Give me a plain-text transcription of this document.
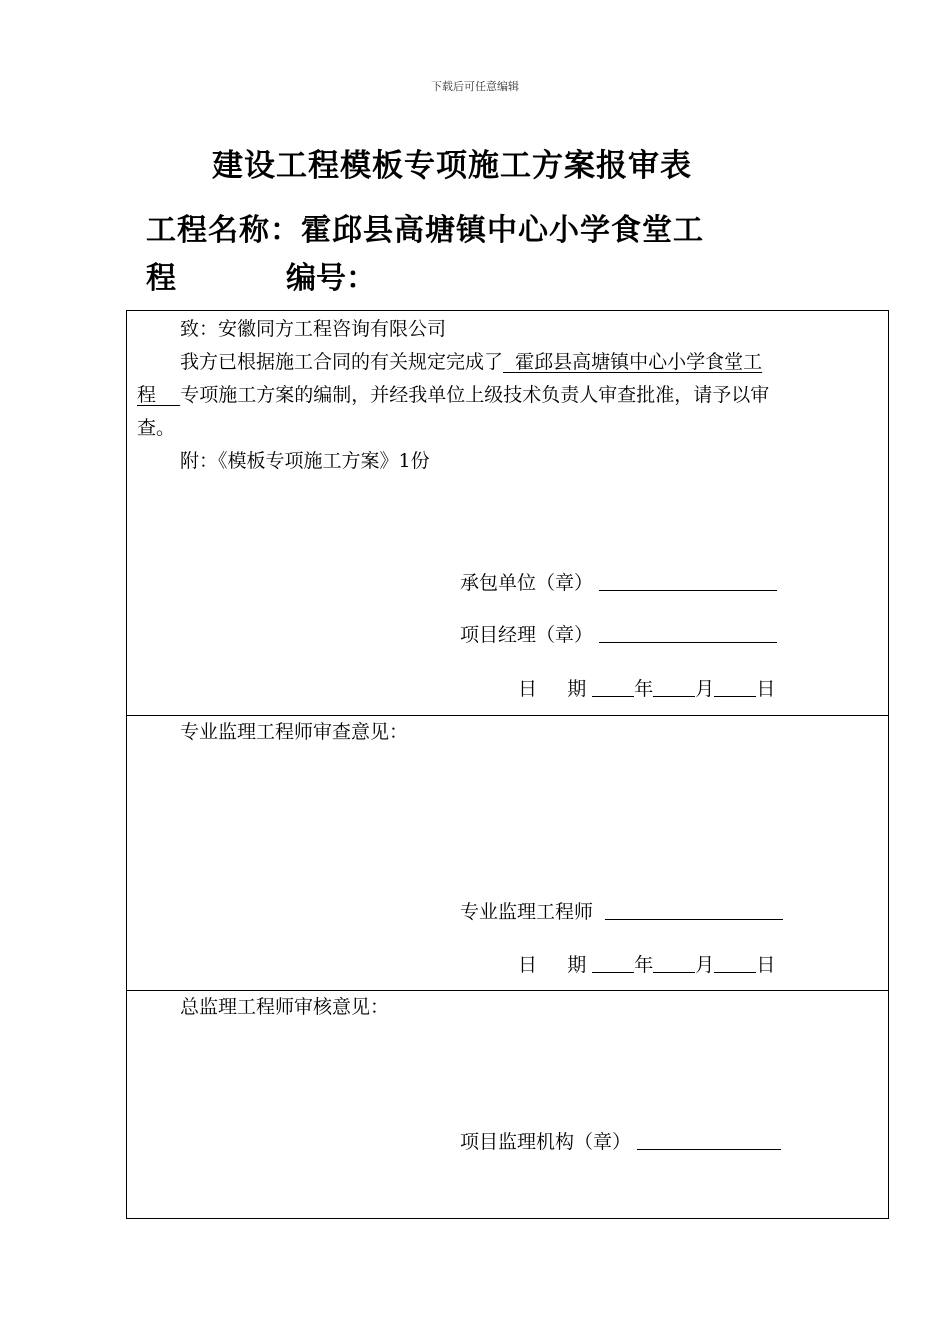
下载后可任意编辑
建设工程模板专项施工方案报审表
工程名称：霍邱县高塘镇中心小学食堂工
程	编号：
致：安徽同方工程咨询有限公司
我方已根据施工合同的有关规定完成了 霍邱县高塘镇中心小学食堂工
程 专项施工方案的编制，并经我单位上级技术负责人审查批准，请予以审
查。
附：《模板专项施工方案》1份
承包单位（章）
项目经理（章）
日 期	年 月 日
专业监理工程师审查意见：
专业监理工程师
日 期	年 月 日
总监理工程师审核意见：
项目监理机构（章）
